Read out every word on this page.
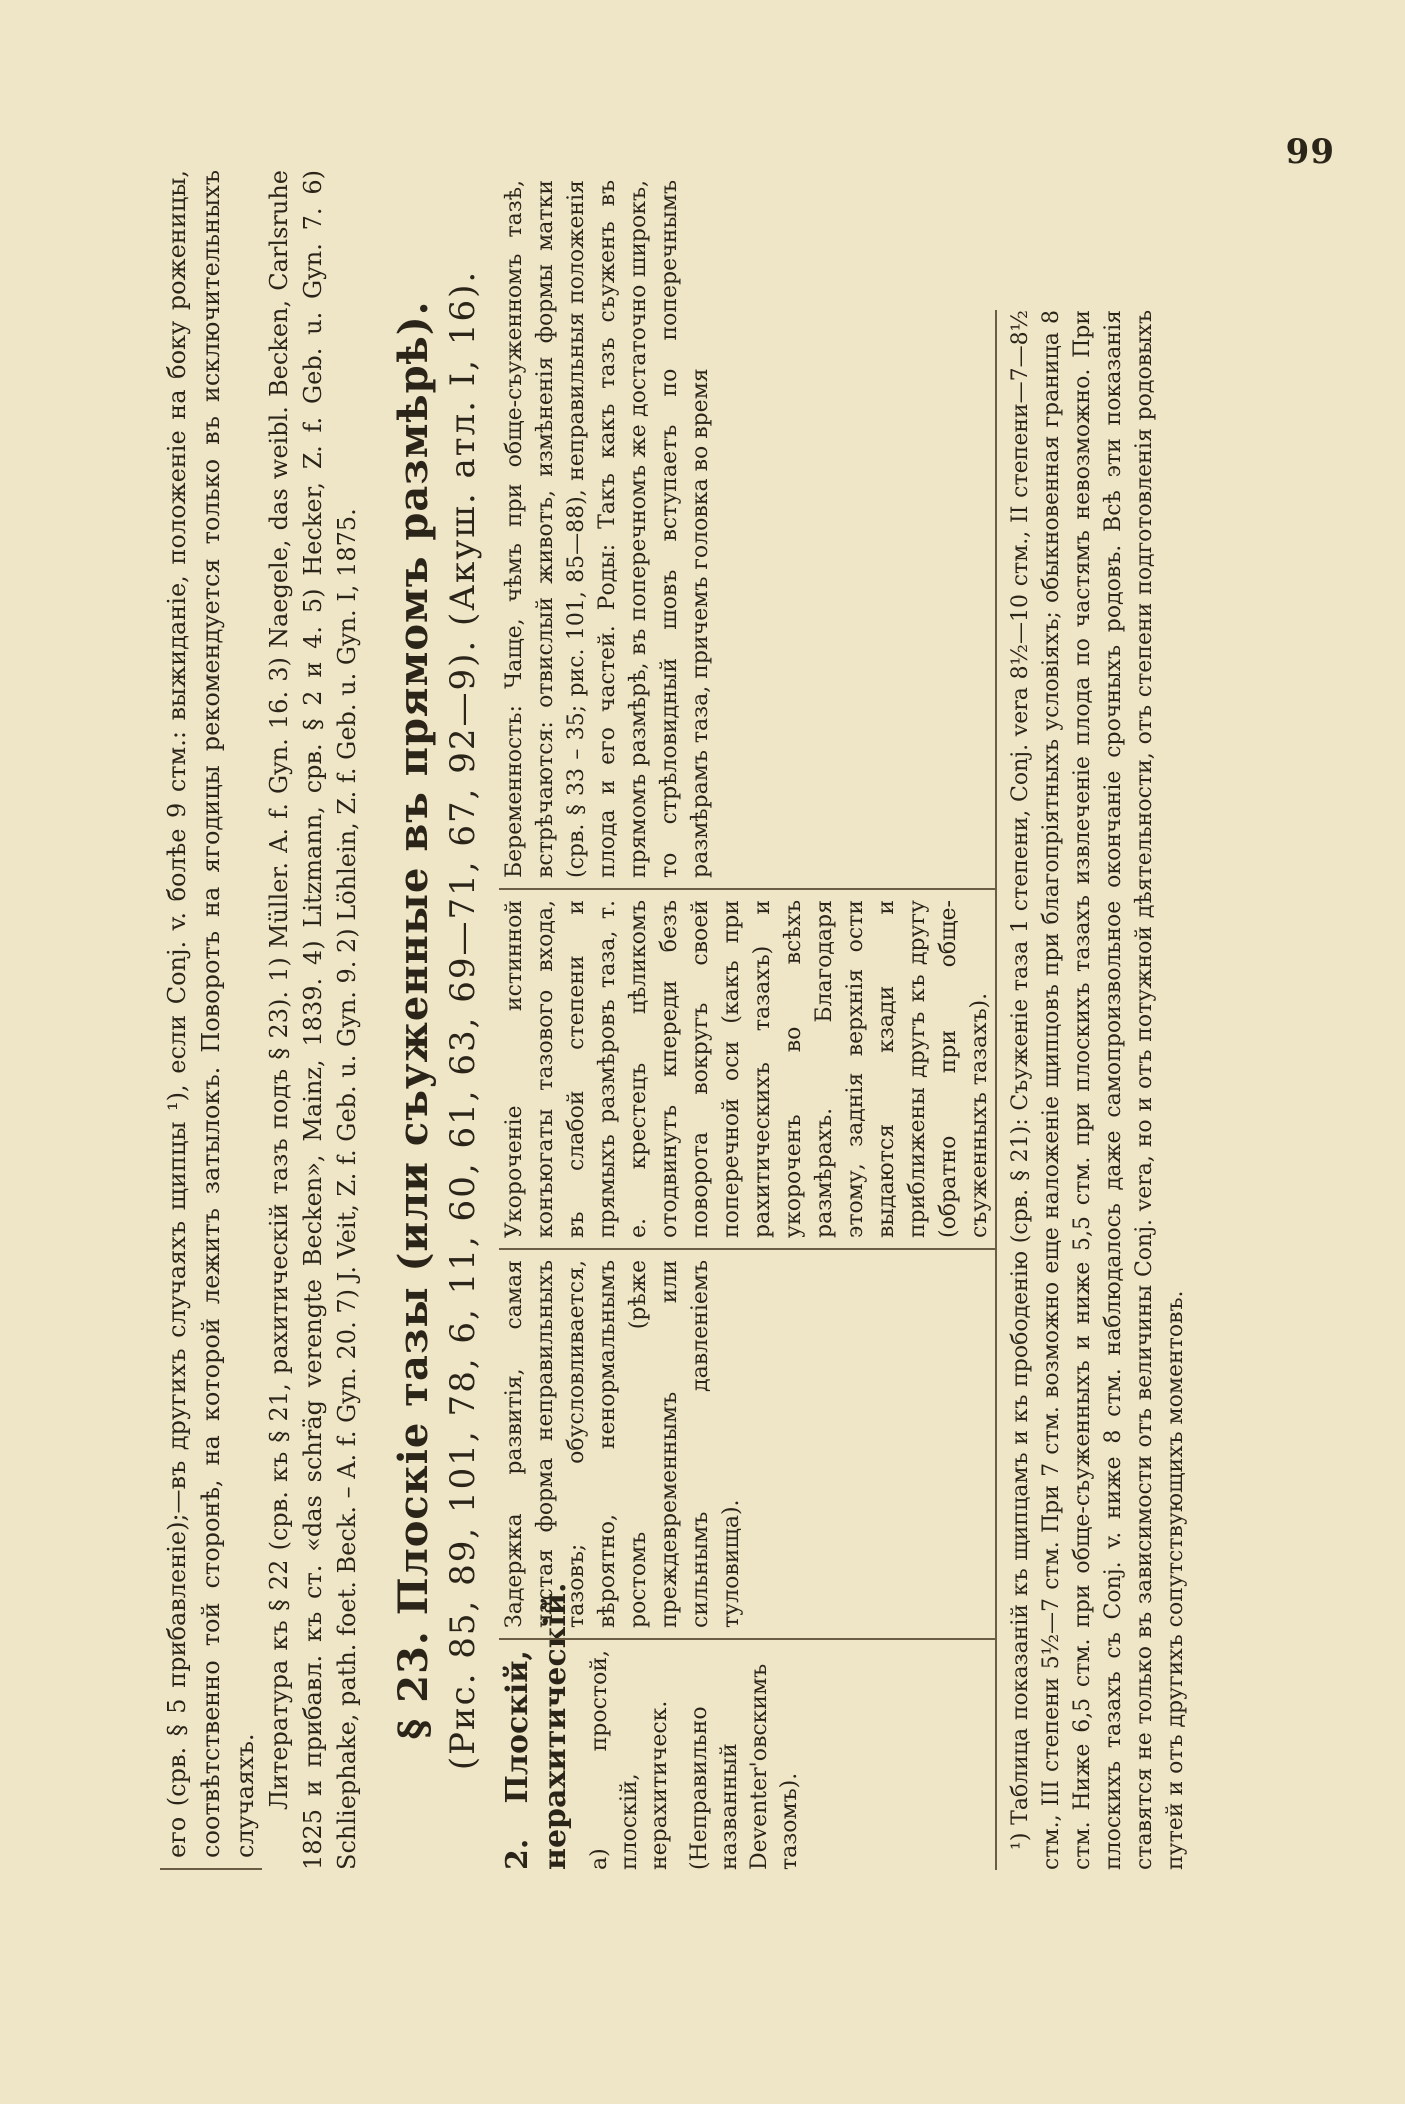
99

его (срв. § 5 прибавленіе);—въ другихъ случаяхъ щипцы ¹), если Conj. v. болѣе 9 стм.: выжиданіе, положеніе на боку роженицы, соотвѣтственно той сторонѣ, на которой лежитъ затылокъ. Поворотъ на ягодицы рекомендуется только въ исключительныхъ случаяхъ. Литература къ § 22 (срв. къ § 21, рахитическій тазъ подъ § 23). 1) Müller. A. f. Gyn. 16. 3) Naegele, das weibl. Becken, Carlsruhe 1825 и прибавл. къ ст. «das schräg verengte Becken», Mainz, 1839. 4) Litzmann, срв. § 2 и 4. 5) Hecker, Z. f. Geb. u. Gyn. 7. 6) Schlieрhake, path. foet. Beck. – A. f. Gyn. 20. 7) J. Veit, Z. f. Geb. u. Gyn. 9. 2) Löhlein, Z. f. Geb. u. Gyn. I, 1875. § 23. Плоскіе тазы (или съуженные въ прямомъ размѣрѣ). (Рис. 85, 89, 101, 78, 6, 11, 60, 61, 63, 69—71, 67, 92—9). (Акуш. атл. I, 16). 2. Плоскій, нерахитическій. а) простой, плоскій, нерахитическ. (Неправильно названный Deventer'овскимъ тазомъ).
Задержка развитія, самая частая форма неправильныхъ тазовъ; обусловливается, вѣроятно, ненормальнымъ ростомъ (рѣже преждевременнымъ или сильнымъ давленіемъ туловища).
Укороченіе истинной конъюгаты тазового входа, въ слабой степени и прямыхъ размѣровъ таза, т. е. крестецъ цѣликомъ отодвинутъ кпереди безъ поворота вокругъ своей поперечной оси (какъ при рахитическихъ тазахъ) и укороченъ во всѣхъ размѣрахъ. Благодаря этому, заднія верхнія ости выдаются кзади и приближены другъ къ другу (обратно при обще-съуженныхъ тазахъ).
Беременность: Чаще, чѣмъ при обще-съуженномъ тазѣ, встрѣчаются: отвислый животъ, измѣненія формы матки (срв. § 33 – 35; рис. 101, 85—88), неправильныя положенія плода и его частей. Роды: Такъ какъ тазъ съуженъ въ прямомъ размѣрѣ, въ поперечномъ же достаточно широкъ, то стрѣловидный шовъ вступаетъ по поперечнымъ размѣрамъ таза, причемъ головка во время	¹) Таблица показаній къ щипцамъ и къ прободенію (срв. § 21): Съуженіе таза 1 степени, Conj. vera 8½—10 стм., II степени—7—8½ стм., III степени 5½—7 стм. При 7 стм. возможно еще наложеніе щипцовъ при благопріятныхъ условіяхъ; обыкновенная граница 8 стм. Ниже 6,5 стм. при обще-съуженныхъ и ниже 5,5 стм. при плоскихъ тазахъ извлеченіе плода по частямъ невозможно. При плоскихъ тазахъ съ Conj. v. ниже 8 стм. наблюдалось даже самопроизвольное окончаніе срочныхъ родовъ. Всѣ эти показанія ставятся не только въ зависимости отъ величины Conj. vera, но и отъ потужной дѣятельности, отъ степени подготовленія родовыхъ путей и отъ другихъ сопутствующихъ моментовъ.
